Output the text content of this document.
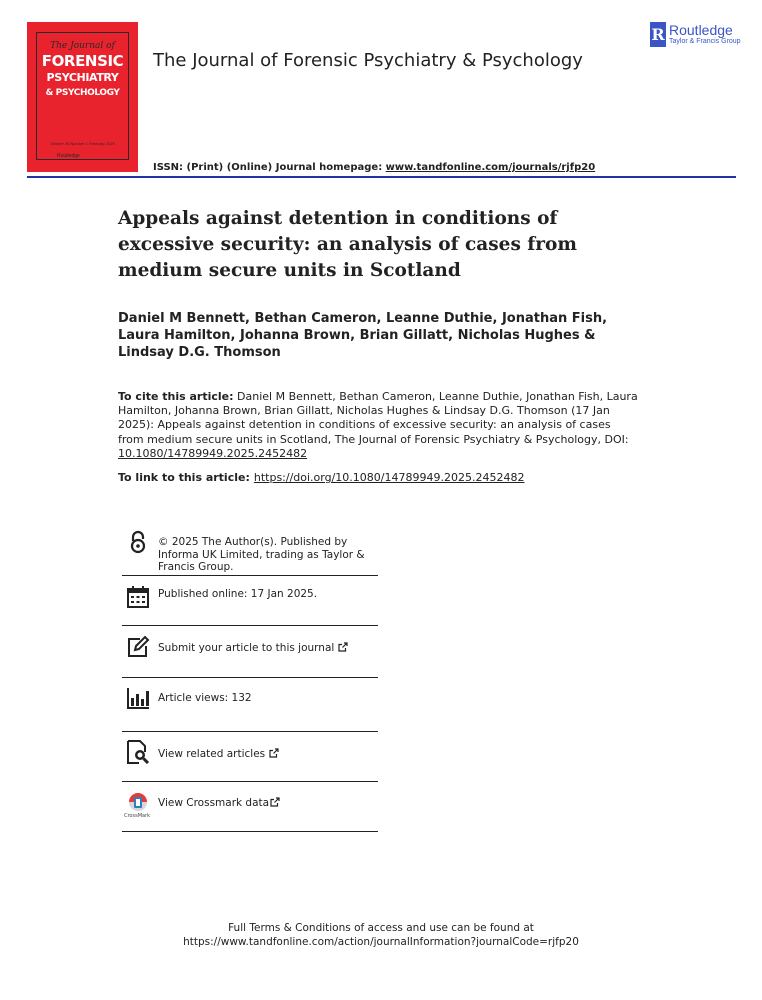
The Journal of
FORENSIC
PSYCHIATRY
& PSYCHOLOGY
Volume 36 Number 1 February 2025
Routledge
The Journal of Forensic Psychiatry & Psychology
R Routledge
Taylor & Francis Group
ISSN: (Print) (Online) Journal homepage: www.tandfonline.com/journals/rjfp20
Appeals against detention in conditions of excessive security: an analysis of cases from medium secure units in Scotland
Daniel M Bennett, Bethan Cameron, Leanne Duthie, Jonathan Fish, Laura Hamilton, Johanna Brown, Brian Gillatt, Nicholas Hughes & Lindsay D.G. Thomson
To cite this article: Daniel M Bennett, Bethan Cameron, Leanne Duthie, Jonathan Fish, Laura Hamilton, Johanna Brown, Brian Gillatt, Nicholas Hughes & Lindsay D.G. Thomson (17 Jan 2025): Appeals against detention in conditions of excessive security: an analysis of cases from medium secure units in Scotland, The Journal of Forensic Psychiatry & Psychology, DOI: 10.1080/14789949.2025.2452482
To link to this article: https://doi.org/10.1080/14789949.2025.2452482
© 2025 The Author(s). Published by Informa UK Limited, trading as Taylor & Francis Group.
Published online: 17 Jan 2025.
Submit your article to this journal
Article views: 132
View related articles
CrossMark
View Crossmark data
Full Terms & Conditions of access and use can be found at
https://www.tandfonline.com/action/journalInformation?journalCode=rjfp20
